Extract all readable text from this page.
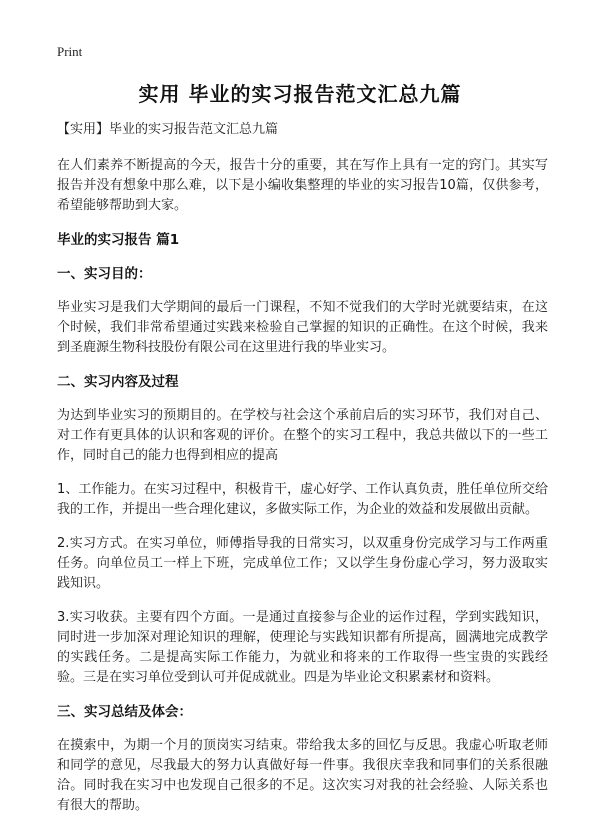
Print
实用 毕业的实习报告范文汇总九篇

【实用】毕业的实习报告范文汇总九篇

在人们素养不断提高的今天，报告十分的重要，其在写作上具有一定的窍门。其实写报告并没有想象中那么难，以下是小编收集整理的毕业的实习报告10篇，仅供参考，希望能够帮助到大家。

毕业的实习报告 篇1

一、实习目的：

毕业实习是我们大学期间的最后一门课程，不知不觉我们的大学时光就要结束，在这个时候，我们非常希望通过实践来检验自己掌握的知识的正确性。在这个时候，我来到圣鹿源生物科技股份有限公司在这里进行我的毕业实习。

二、实习内容及过程

为达到毕业实习的预期目的。在学校与社会这个承前启后的实习环节，我们对自己、对工作有更具体的认识和客观的评价。在整个的实习工程中，我总共做以下的一些工作，同时自己的能力也得到相应的提高

1、工作能力。在实习过程中，积极肯干，虚心好学、工作认真负责，胜任单位所交给我的工作，并提出一些合理化建议，多做实际工作，为企业的效益和发展做出贡献。

2.实习方式。在实习单位，师傅指导我的日常实习，以双重身份完成学习与工作两重任务。向单位员工一样上下班，完成单位工作；又以学生身份虚心学习，努力汲取实践知识。

3.实习收获。主要有四个方面。一是通过直接参与企业的运作过程，学到实践知识，同时进一步加深对理论知识的理解，使理论与实践知识都有所提高，圆满地完成教学的实践任务。二是提高实际工作能力，为就业和将来的工作取得一些宝贵的实践经验。三是在实习单位受到认可并促成就业。四是为毕业论文积累素材和资料。

三、实习总结及体会：

在摸索中，为期一个月的顶岗实习结束。带给我太多的回忆与反思。我虚心听取老师和同学的意见，尽我最大的努力认真做好每一件事。我很庆幸我和同事们的关系很融洽。同时我在实习中也发现自己很多的不足。这次实习对我的社会经验、人际关系也有很大的帮助。
